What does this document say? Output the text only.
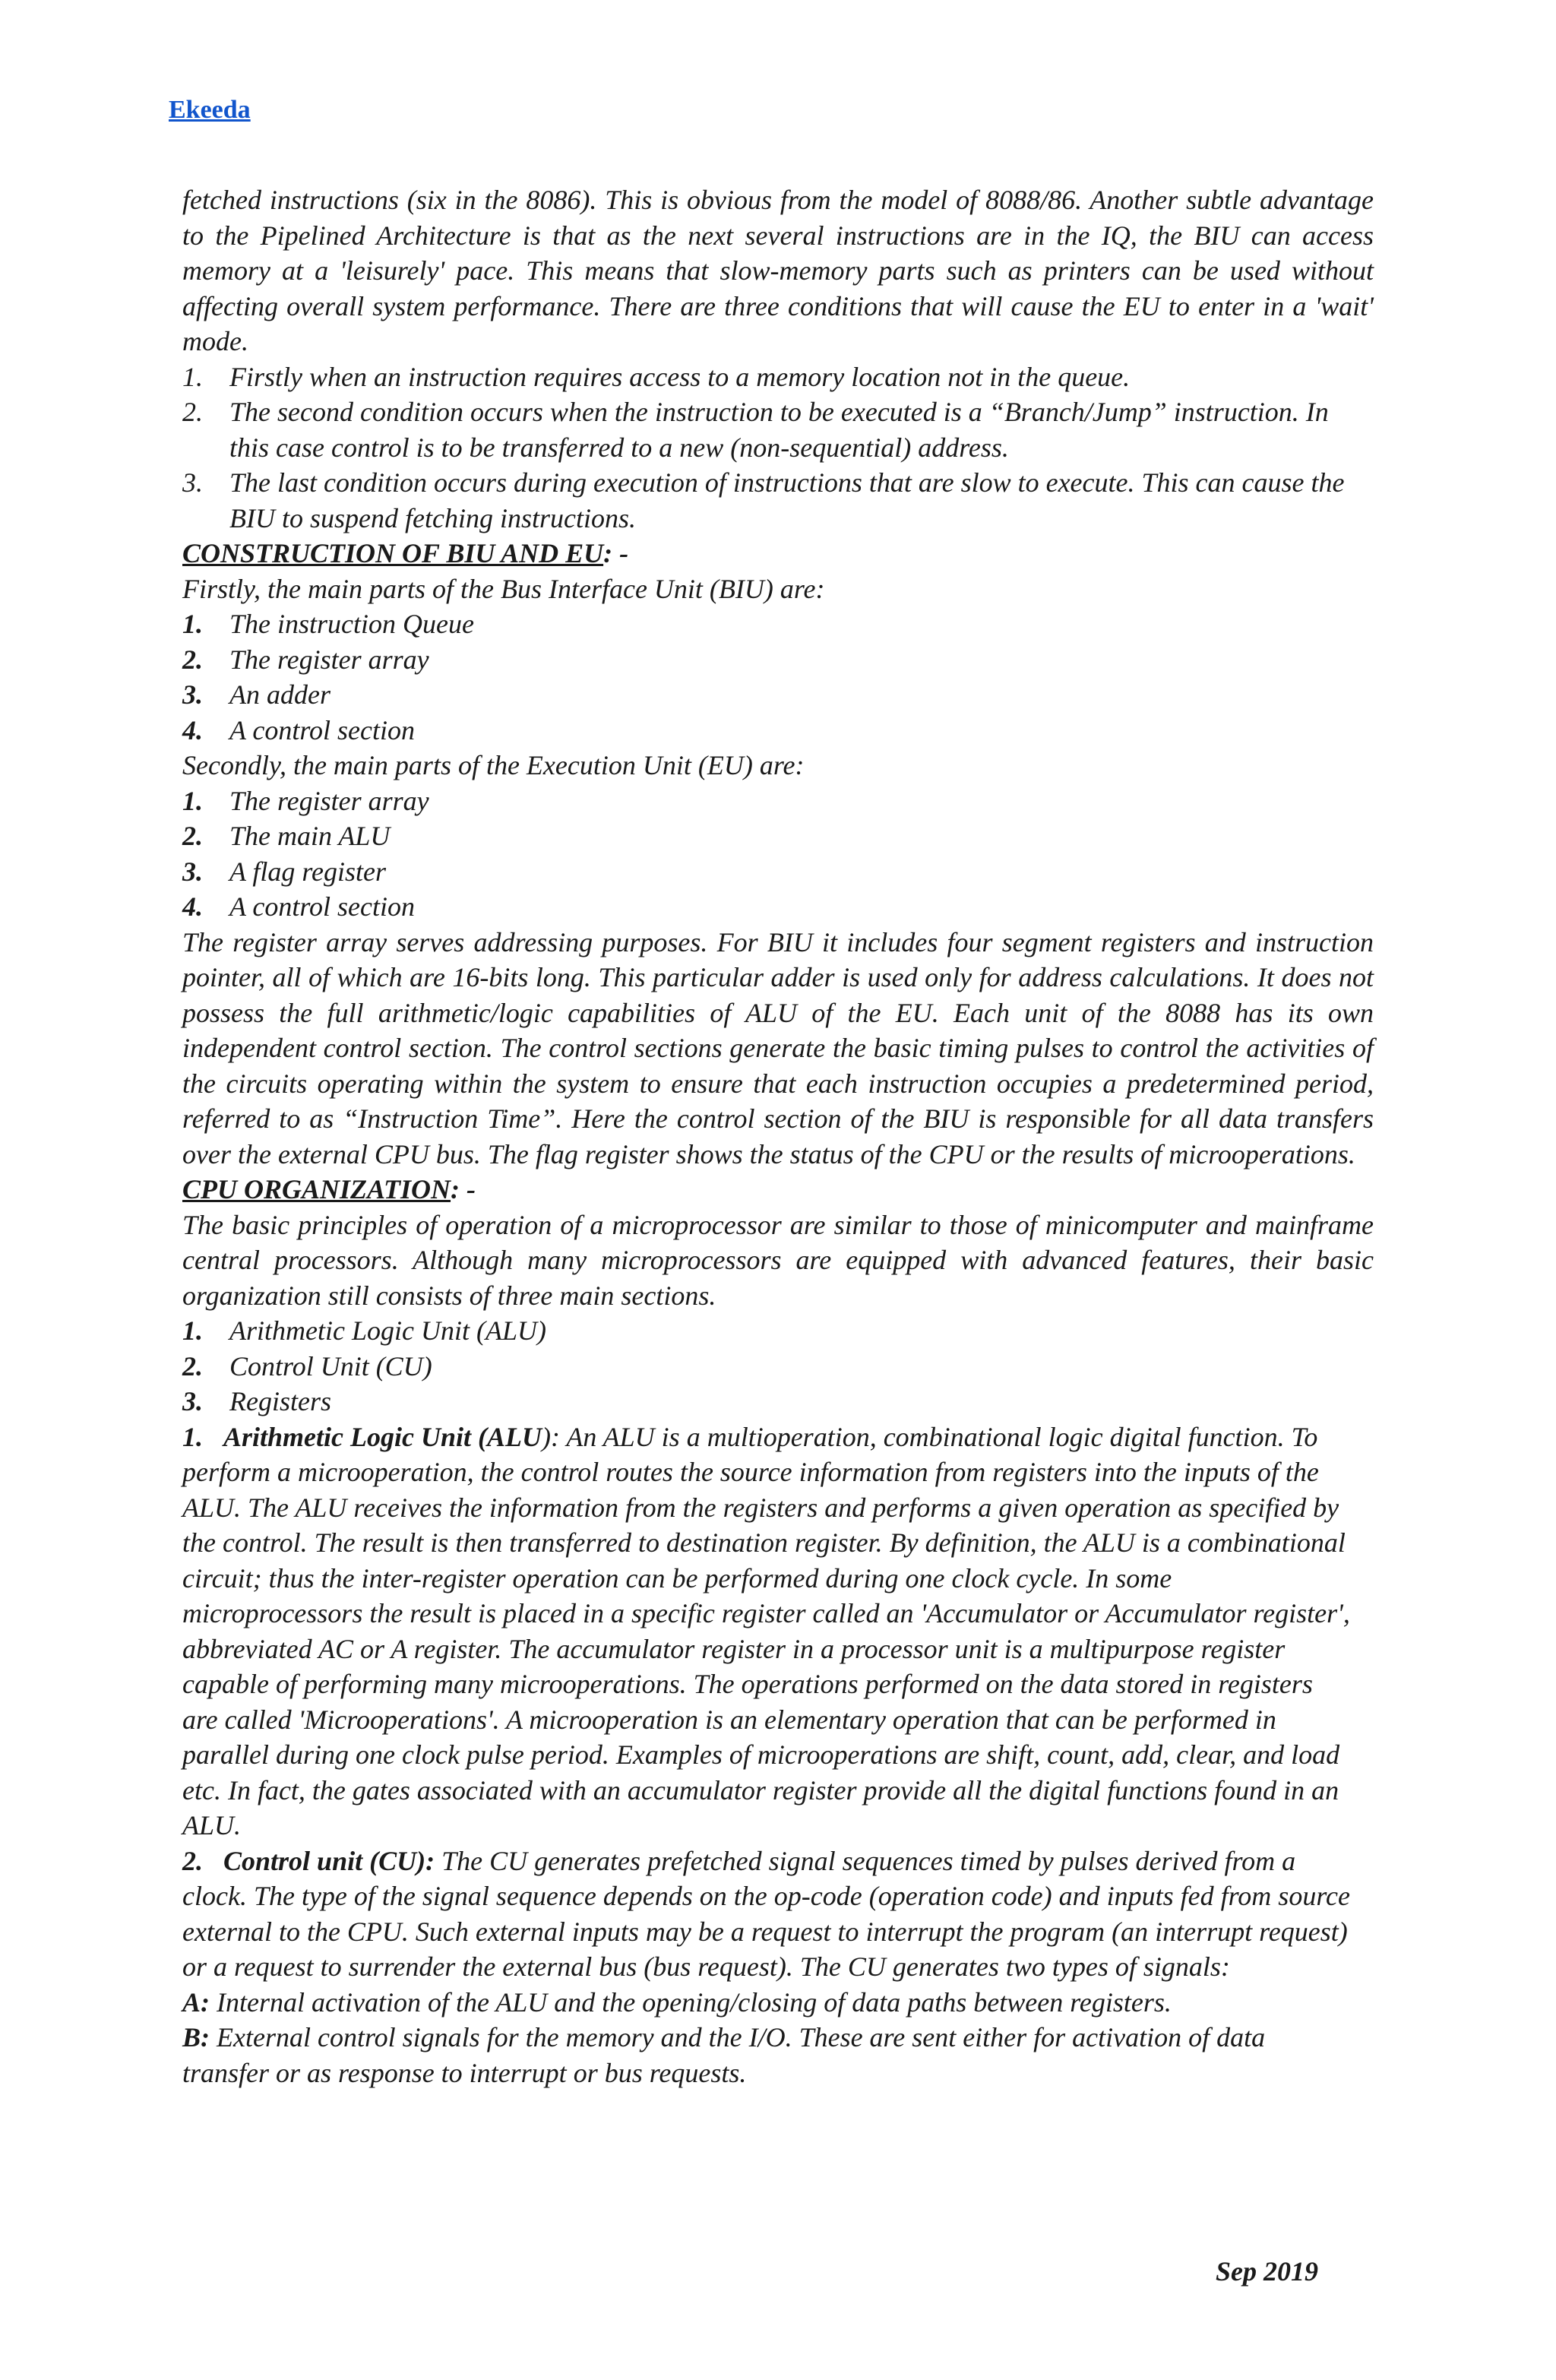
Ekeeda
fetched instructions (six in the 8086). This is obvious from the model of 8088/86. Another subtle advantage to the Pipelined Architecture is that as the next several instructions are in the IQ, the BIU can access memory at a 'leisurely' pace. This means that slow-memory parts such as printers can be used without affecting overall system performance. There are three conditions that will cause the EU to enter in a 'wait' mode.
1. Firstly when an instruction requires access to a memory location not in the queue.
2. The second condition occurs when the instruction to be executed is a “Branch/Jump” instruction. In this case control is to be transferred to a new (non-sequential) address.
3. The last condition occurs during execution of instructions that are slow to execute. This can cause the BIU to suspend fetching instructions.
CONSTRUCTION OF BIU AND EU: -
Firstly, the main parts of the Bus Interface Unit (BIU) are:
1. The instruction Queue
2. The register array
3. An adder
4. A control section
Secondly, the main parts of the Execution Unit (EU) are:
1. The register array
2. The main ALU
3. A flag register
4. A control section
The register array serves addressing purposes. For BIU it includes four segment registers and instruction pointer, all of which are 16-bits long. This particular adder is used only for address calculations. It does not possess the full arithmetic/logic capabilities of ALU of the EU. Each unit of the 8088 has its own independent control section. The control sections generate the basic timing pulses to control the activities of the circuits operating within the system to ensure that each instruction occupies a predetermined period, referred to as “Instruction Time”. Here the control section of the BIU is responsible for all data transfers over the external CPU bus. The flag register shows the status of the CPU or the results of microoperations.
CPU ORGANIZATION: -
The basic principles of operation of a microprocessor are similar to those of minicomputer and mainframe central processors. Although many microprocessors are equipped with advanced features, their basic organization still consists of three main sections.
1. Arithmetic Logic Unit (ALU)
2. Control Unit (CU)
3. Registers
1. Arithmetic Logic Unit (ALU): An ALU is a multioperation, combinational logic digital function. To perform a microoperation, the control routes the source information from registers into the inputs of the ALU. The ALU receives the information from the registers and performs a given operation as specified by the control. The result is then transferred to destination register. By definition, the ALU is a combinational circuit; thus the inter-register operation can be performed during one clock cycle. In some microprocessors the result is placed in a specific register called an 'Accumulator or Accumulator register', abbreviated AC or A register. The accumulator register in a processor unit is a multipurpose register capable of performing many microoperations. The operations performed on the data stored in registers are called 'Microoperations'. A microoperation is an elementary operation that can be performed in parallel during one clock pulse period. Examples of microoperations are shift, count, add, clear, and load etc. In fact, the gates associated with an accumulator register provide all the digital functions found in an ALU.
2. Control unit (CU): The CU generates prefetched signal sequences timed by pulses derived from a clock. The type of the signal sequence depends on the op-code (operation code) and inputs fed from source external to the CPU. Such external inputs may be a request to interrupt the program (an interrupt request) or a request to surrender the external bus (bus request). The CU generates two types of signals:
A: Internal activation of the ALU and the opening/closing of data paths between registers.
B: External control signals for the memory and the I/O. These are sent either for activation of data transfer or as response to interrupt or bus requests.
Sep 2019
